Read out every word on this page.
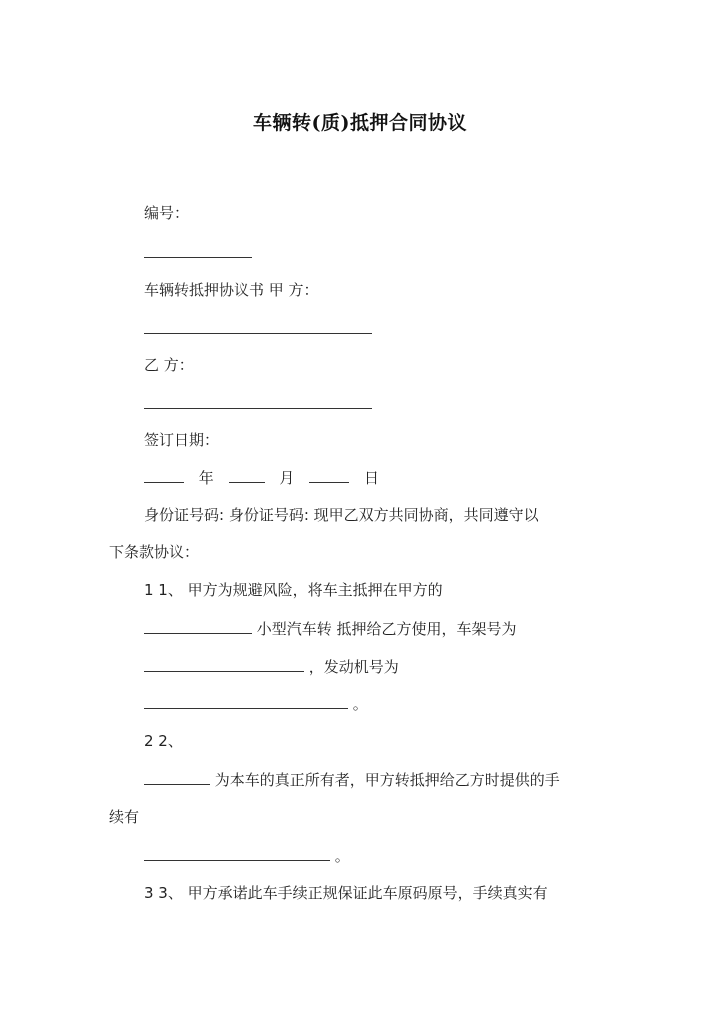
车辆转(质)抵押合同协议
编号：
车辆转抵押协议书 甲 方：
乙 方：
签订日期：
年	月	日
身份证号码: 身份证号码: 现甲乙双方共同协商，共同遵守以
下条款协议：
1 1、 甲方为规避风险，将车主抵押在甲方的
小型汽车转 抵押给乙方使用，车架号为
，发动机号为
。
2 2、
为本车的真正所有者，甲方转抵押给乙方时提供的手
续有
。
3 3、 甲方承诺此车手续正规保证此车原码原号，手续真实有
